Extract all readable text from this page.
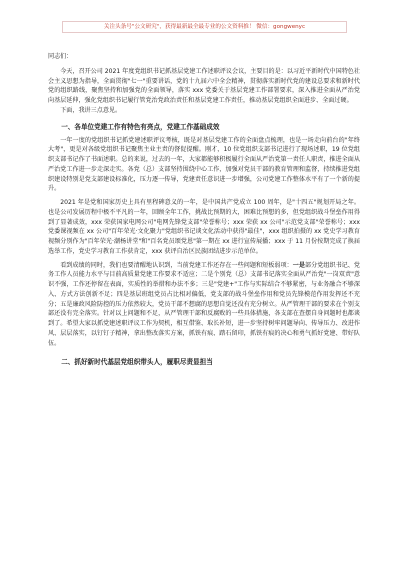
关注头条号"公文研究"，获得最新最全最专业的公文资料推！ 微信：gongwenyc

同志们：

今天，召开公司 2021 年度党组织书记抓基层党建工作述职评议会议，主要目的是：以习近平新时代中国特色社会主义思想为指导，全面贯彻"七一"重要讲话，党的十九届六中全会精神，贯彻落实新时代党的建设总要求和新时代党的组织路线，聚焦坚持和加强党的全面领导，落实 xxx 党委关于基层党建工作部署要求，深入推进全面从严治党向基层延伸，强化党组织书记履行管党治党政治责任和基层党建工作责任，推动基层党组织全面进步、全面过硬。

下面，我讲三点意见。

一、各单位党建工作有特色有亮点，党建工作基础成效

一年一度的党组织书记抓党建述职评议考核，既是对基层党建工作的全面盘点梳理，也是一场走向前台的"年终大考"，更是对各级党组织书记聚焦主业主责的督促提醒。刚才，10 位党组织支部书记进行了现场述职，19 位党组织支部书记作了书面述职。总的来说，过去的一年，大家都能够积极履行全面从严治党第一责任人职责，推进全面从严治党工作进一步走深走实。各党（总）支部坚持围绕中心工作，加强对党员干部的教育管理和监督，持续推进党组织建设特别是党支部建设标准化，压力逐一传导，党建责任意识进一步增强，公司党建工作整体水平有了一个新的提升。

2021 年是党和国家历史上具有里程碑意义的一年，是中国共产党成立 100 周年，是"十四五"规划开局之年。也是公司发展历程中极不平凡的一年，回顾全年工作，挑战比预期的大，困难比预想的多，但党组织战斗堡垒作用得到了显著成效，xxx 荣获国家电网公司"电网先锋党支部"荣誉称号；xxx 荣获 xx 公司"示范党支部"荣誉称号；xxx 党委课视频在 xx 公司"百年荣光·文化聚力"党组织书记谈文化活动中获得"最佳"，xxx 组织拍摄的 xx 党史学习教育视频分别作为"百年荣光·潮杨讲堂"和"百名党员颂党恩"第一期在 xx 进行宣传展播；xxx 于 11 月份按期完成了换届选举工作，党史学习教育工作获肯定，xxx 获评自治区民族团结进步示范单位。

看到成绩的同时，我们也要清醒地认识到，当前党建工作还存在一些问题和短板弱项：一是部分党组织书记、党务工作人员能力水平与目前高质量党建工作要求不适应；二是个别党（总）支部书记落实全面从严治党"一岗双责"意识不强，工作还停留在表面，实质性的举措和办法不多；三是"党建+"工作与实际结合不够紧密，与业务融合不够深入、方式方法创新不足；四是基层班组党员占比相对偏低，党支部的战斗堡垒作用和党员先锋模范作用发挥还不充分；五是廉政风险防控的压力依然较大，党员干部不想腐的思想自觉还没有充分树立。从严管理干部的要求在个别支部还没有完全落实。针对以上问题和不足，从严管理干部和反腐败的一些具体措施，各支部在查摆自身问题时也都谈到了。希望大家以抓党建述职评议工作为契机，相互借鉴、取长补短，进一步坚持树牢问题导向、传导压力、改进作风、层层落实，以钉钉子精神，拿出整改落实方案，抓铁有痕、踏石留印，抓铁有痕的决心和勇气抓好党建、带好队伍。

二、抓好新时代基层党组织带头人，履职尽责显担当
